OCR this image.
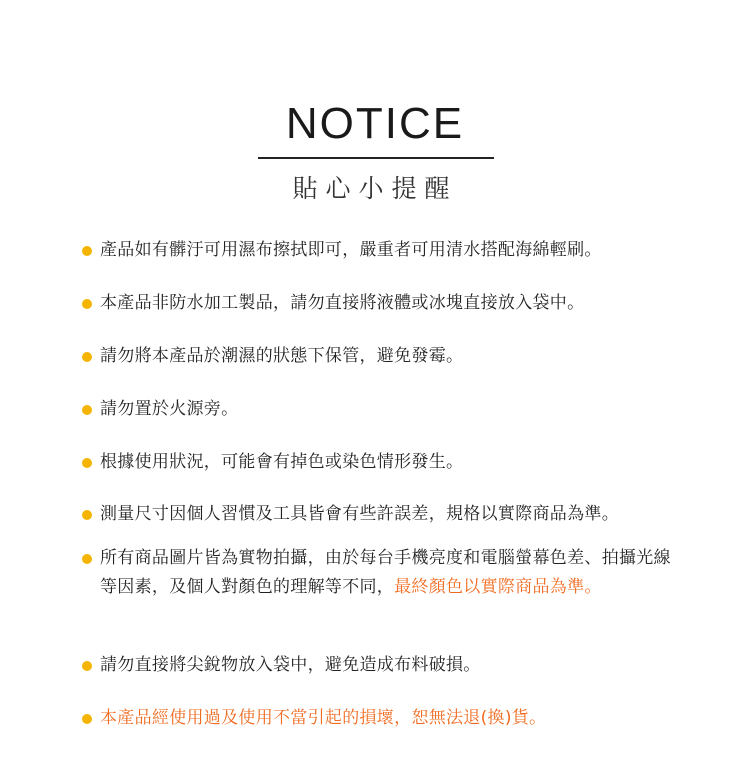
NOTICE
貼心小提醒
產品如有髒汙可用濕布擦拭即可，嚴重者可用清水搭配海綿輕刷。
本產品非防水加工製品，請勿直接將液體或冰塊直接放入袋中。
請勿將本產品於潮濕的狀態下保管，避免發霉。
請勿置於火源旁。
根據使用狀況，可能會有掉色或染色情形發生。
測量尺寸因個人習慣及工具皆會有些許誤差，規格以實際商品為準。
所有商品圖片皆為實物拍攝，由於每台手機亮度和電腦螢幕色差、拍攝光線等因素，及個人對顏色的理解等不同，最終顏色以實際商品為準。
請勿直接將尖銳物放入袋中，避免造成布料破損。
本產品經使用過及使用不當引起的損壞，恕無法退(換)貨。
